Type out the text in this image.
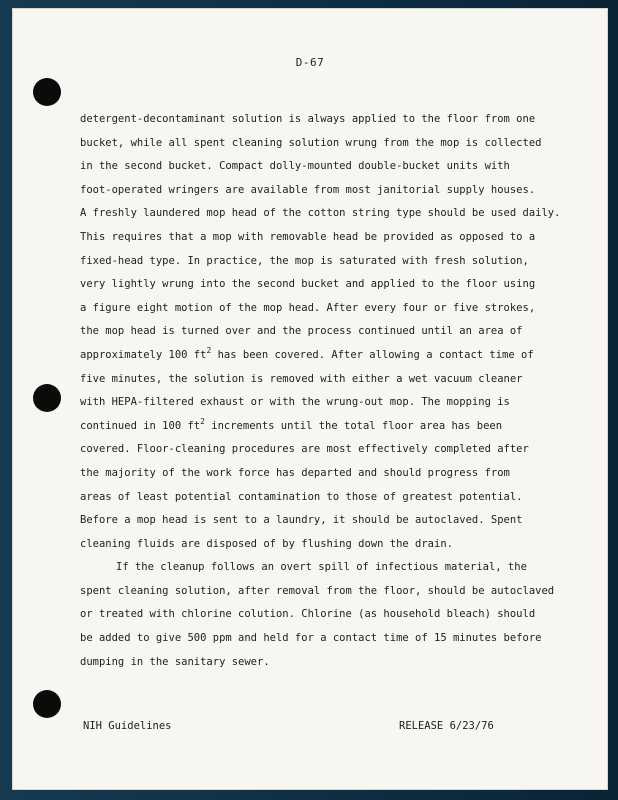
D-67
detergent-decontaminant solution is always applied to the floor from one
bucket, while all spent cleaning solution wrung from the mop is collected
in the second bucket. Compact dolly-mounted double-bucket units with
foot-operated wringers are available from most janitorial supply houses.
A freshly laundered mop head of the cotton string type should be used daily.
This requires that a mop with removable head be provided as opposed to a
fixed-head type. In practice, the mop is saturated with fresh solution,
very lightly wrung into the second bucket and applied to the floor using
a figure eight motion of the mop head. After every four or five strokes,
the mop head is turned over and the process continued until an area of
approximately 100 $ft^2$ has been covered. After allowing a contact time of
five minutes, the solution is removed with either a wet vacuum cleaner
with HEPA-filtered exhaust or with the wrung-out mop. The mopping is
continued in 100 $ft^2$ increments until the total floor area has been
covered. Floor-cleaning procedures are most effectively completed after
the majority of the work force has departed and should progress from
areas of least potential contamination to those of greatest potential.
Before a mop head is sent to a laundry, it should be autoclaved. Spent
cleaning fluids are disposed of by flushing down the drain.
If the cleanup follows an overt spill of infectious material, the
spent cleaning solution, after removal from the floor, should be autoclaved
or treated with chlorine colution. Chlorine (as household bleach) should
be added to give 500 ppm and held for a contact time of 15 minutes before
dumping in the sanitary sewer.
NIH Guidelines	RELEASE 6/23/76
